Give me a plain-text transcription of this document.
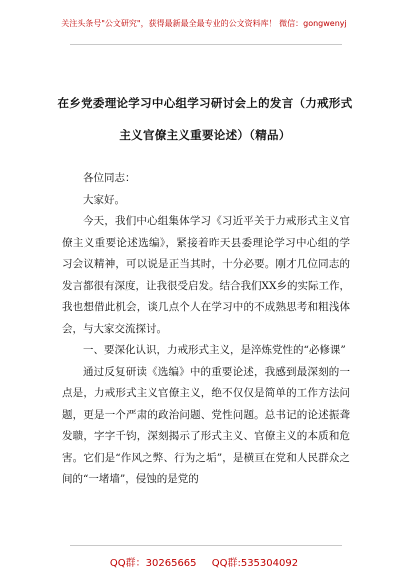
关注头条号"公文研究"，获得最新最全最专业的公文资料库！ 微信：gongwenyj
在乡党委理论学习中心组学习研讨会上的发言（力戒形式
主义官僚主义重要论述）（精品）

各位同志：

大家好。

今天，我们中心组集体学习《习近平关于力戒形式主义官僚主义重要论述选编》，紧接着昨天县委理论学习中心组的学习会议精神，可以说是正当其时，十分必要。刚才几位同志的发言都很有深度，让我很受启发。结合我们XX乡的实际工作，我也想借此机会，谈几点个人在学习中的不成熟思考和粗浅体会，与大家交流探讨。

一、要深化认识，力戒形式主义，是淬炼党性的“必修课”

通过反复研读《选编》中的重要论述，我感到最深刻的一点是，力戒形式主义官僚主义，绝不仅仅是简单的工作方法问题，更是一个严肃的政治问题、党性问题。总书记的论述振聋发聩，字字千钧，深刻揭示了形式主义、官僚主义的本质和危害。它们是“作风之弊、行为之垢”，是横亘在党和人民群众之间的“一堵墙”，侵蚀的是党的

QQ群：30265665 QQ群:535304092
